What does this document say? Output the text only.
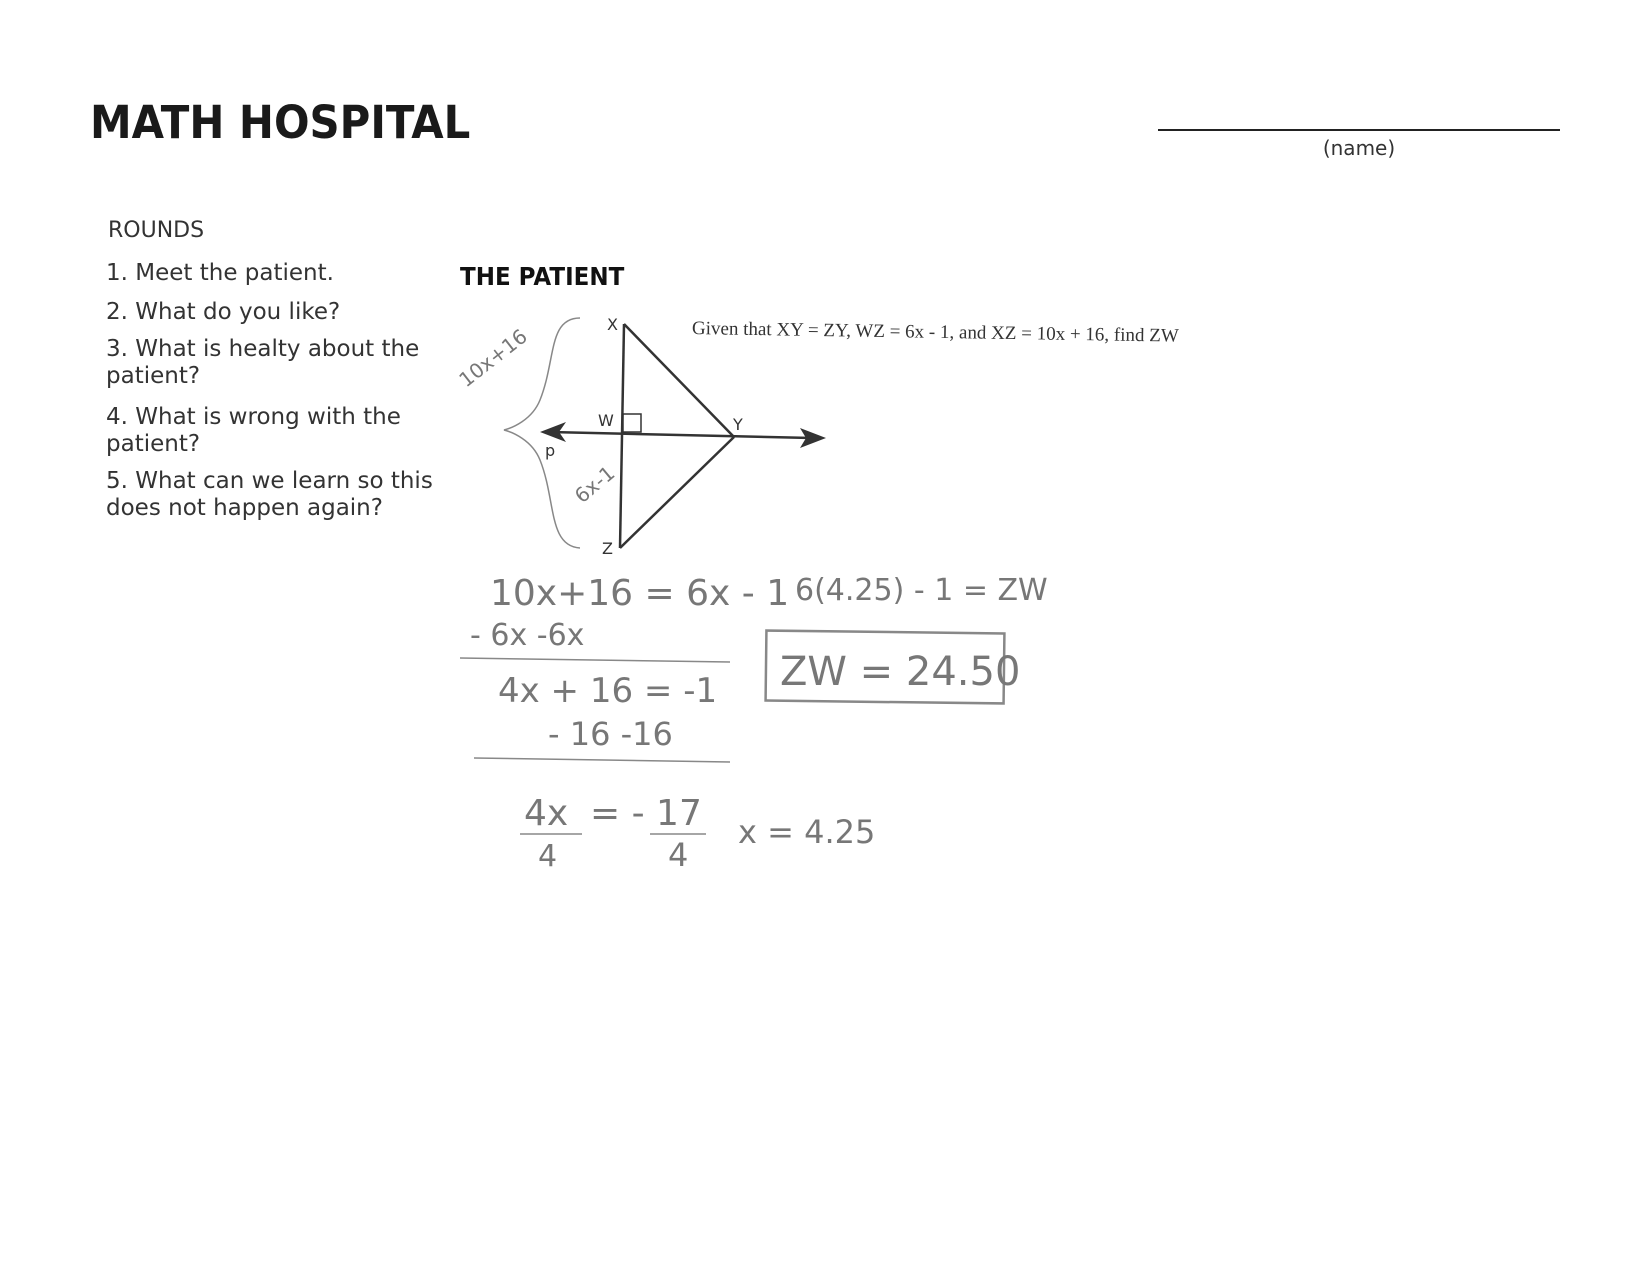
MATH HOSPITAL	(name)
ROUNDS
1. Meet the patient.
2. What do you like?
3. What is healty about the patient?
4. What is wrong with the patient?
5. What can we learn so this does not happen again?
THE PATIENT
Given that XY = ZY, WZ = 6x - 1, and XZ = 10x + 16, find ZW
X
W	Y
p
Z
10x+16
6x-1
10x+16 = 6x - 1
- 6x -6x
4x + 16 = -1
- 16 -16
4x
4
= - 17
4
x = 4.25
6(4.25) - 1 = ZW
ZW = 24.50
